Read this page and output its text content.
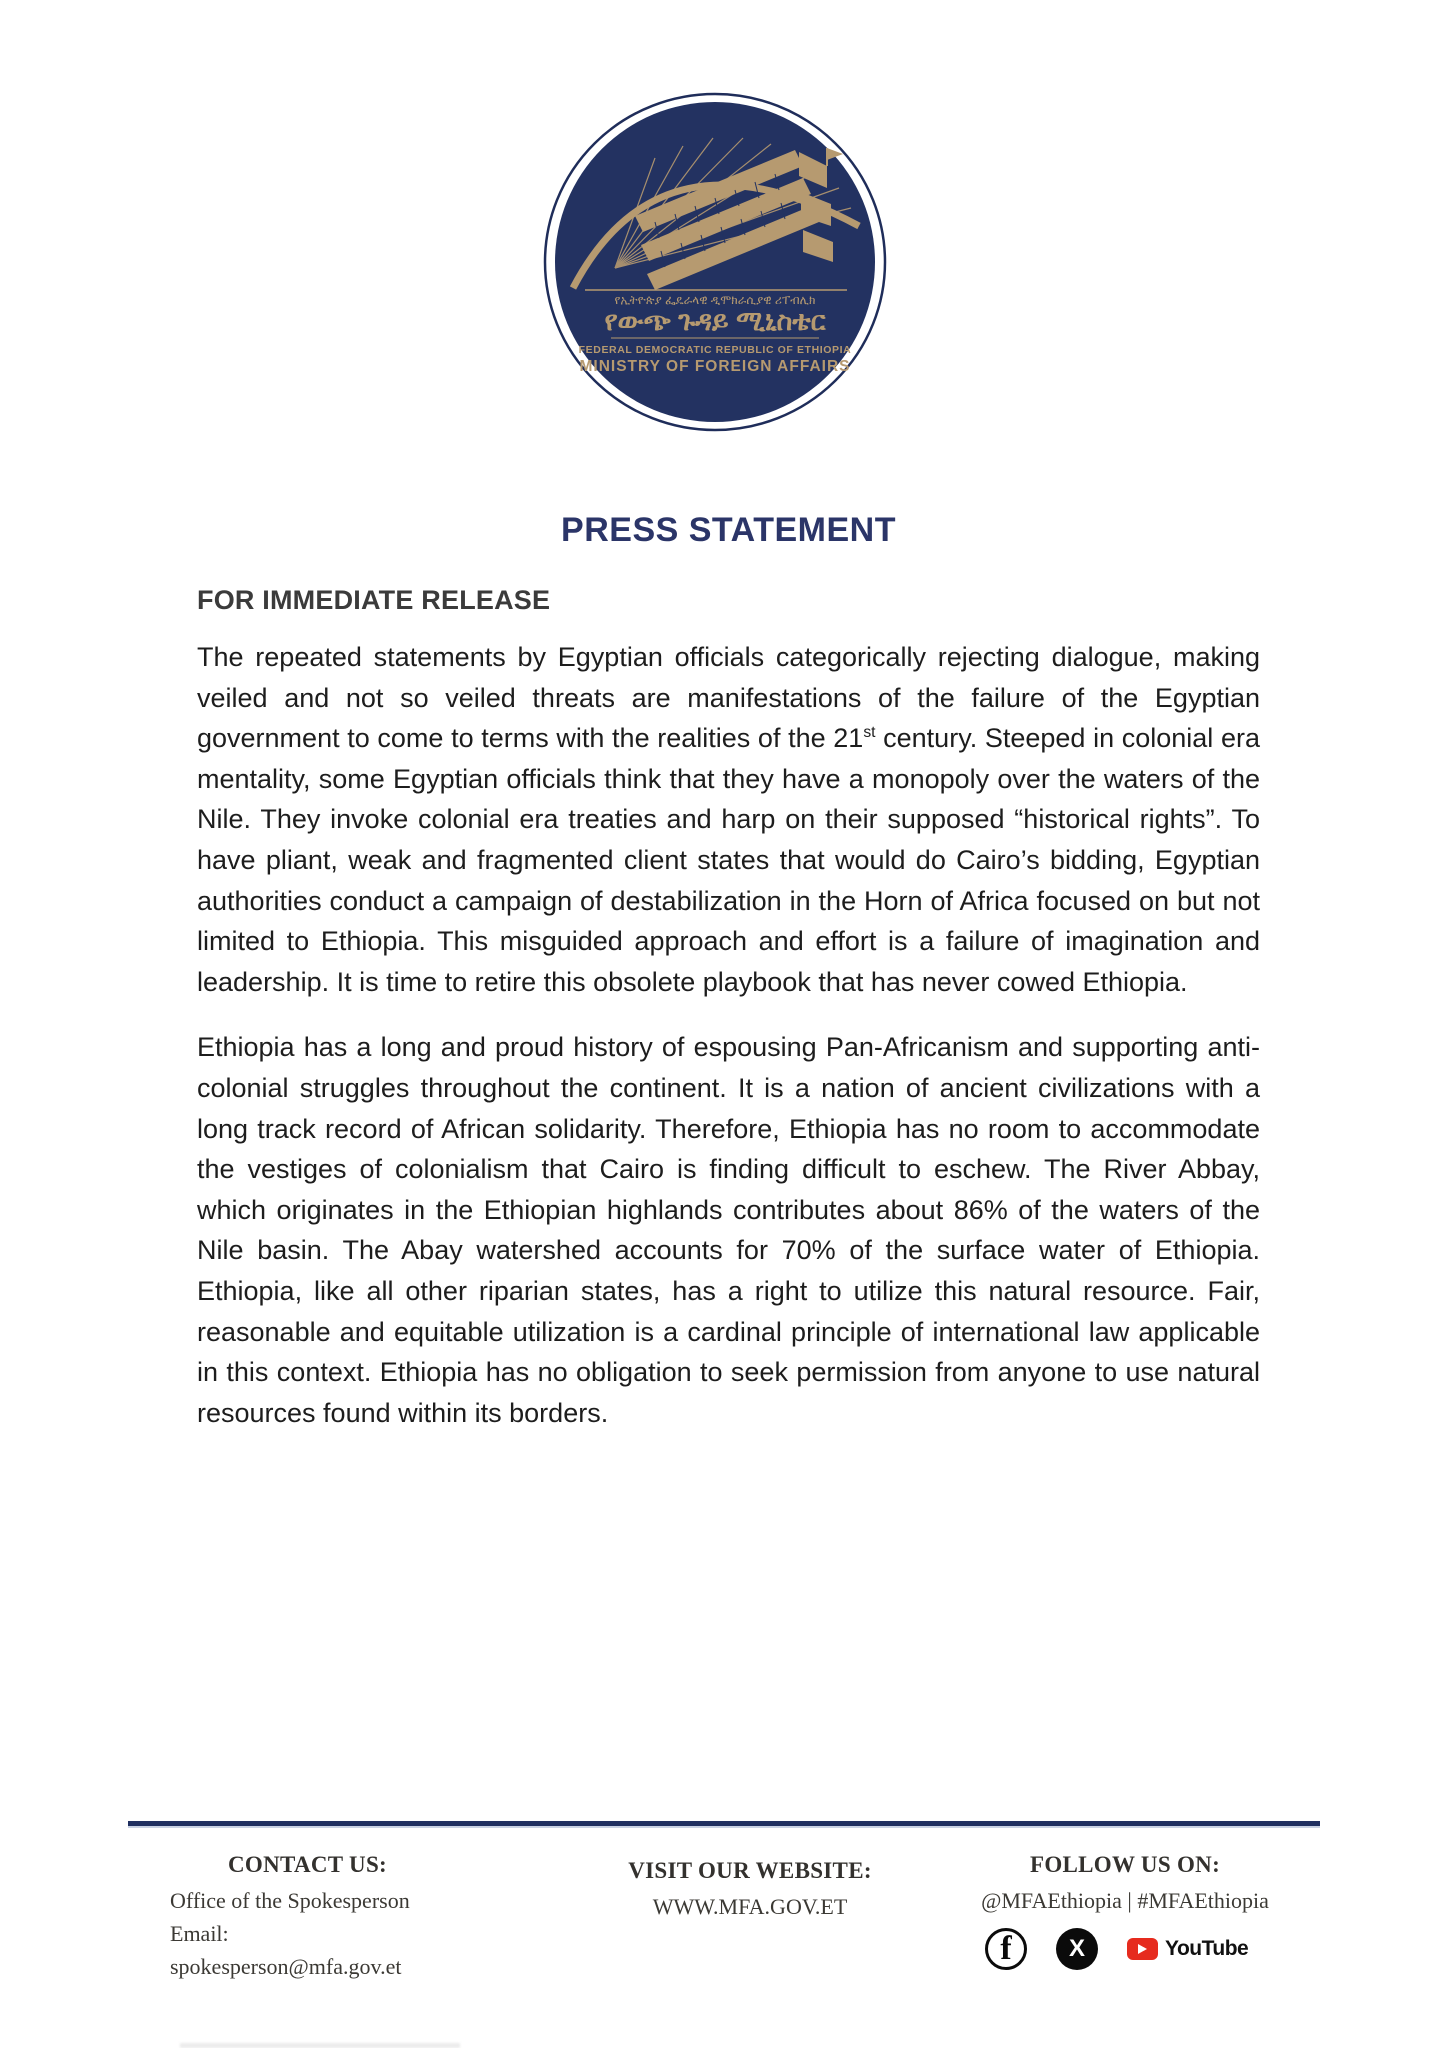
የኢትዮጵያ ፌዴራላዊ ዲሞክራሲያዊ ሪፐብሊክ
የውጭ ጉዳይ ሚኒስቴር
FEDERAL DEMOCRATIC REPUBLIC OF ETHIOPIA
MINISTRY OF FOREIGN AFFAIRS
PRESS STATEMENT
FOR IMMEDIATE RELEASE

The repeated statements by Egyptian officials categorically rejecting dialogue, making veiled and not so veiled threats are manifestations of the failure of the Egyptian government to come to terms with the realities of the 21st century. Steeped in colonial era mentality, some Egyptian officials think that they have a monopoly over the waters of the Nile. They invoke colonial era treaties and harp on their supposed “historical rights”. To have pliant, weak and fragmented client states that would do Cairo’s bidding, Egyptian authorities conduct a campaign of destabilization in the Horn of Africa focused on but not limited to Ethiopia. This misguided approach and effort is a failure of imagination and leadership. It is time to retire this obsolete playbook that has never cowed Ethiopia.

Ethiopia has a long and proud history of espousing Pan-Africanism and supporting anti-colonial struggles throughout the continent. It is a nation of ancient civilizations with a long track record of African solidarity. Therefore, Ethiopia has no room to accommodate the vestiges of colonialism that Cairo is finding difficult to eschew. The River Abbay, which originates in the Ethiopian highlands contributes about 86% of the waters of the Nile basin. The Abay watershed accounts for 70% of the surface water of Ethiopia. Ethiopia, like all other riparian states, has a right to utilize this natural resource. Fair, reasonable and equitable utilization is a cardinal principle of international law applicable in this context. Ethiopia has no obligation to seek permission from anyone to use natural resources found within its borders.

CONTACT US:
Office of the Spokesperson
Email: spokesperson@mfa.gov.et
VISIT OUR WEBSITE:
WWW.MFA.GOV.ET
FOLLOW US ON:
@MFAEthiopia | #MFAEthiopia
f X	YouTube
